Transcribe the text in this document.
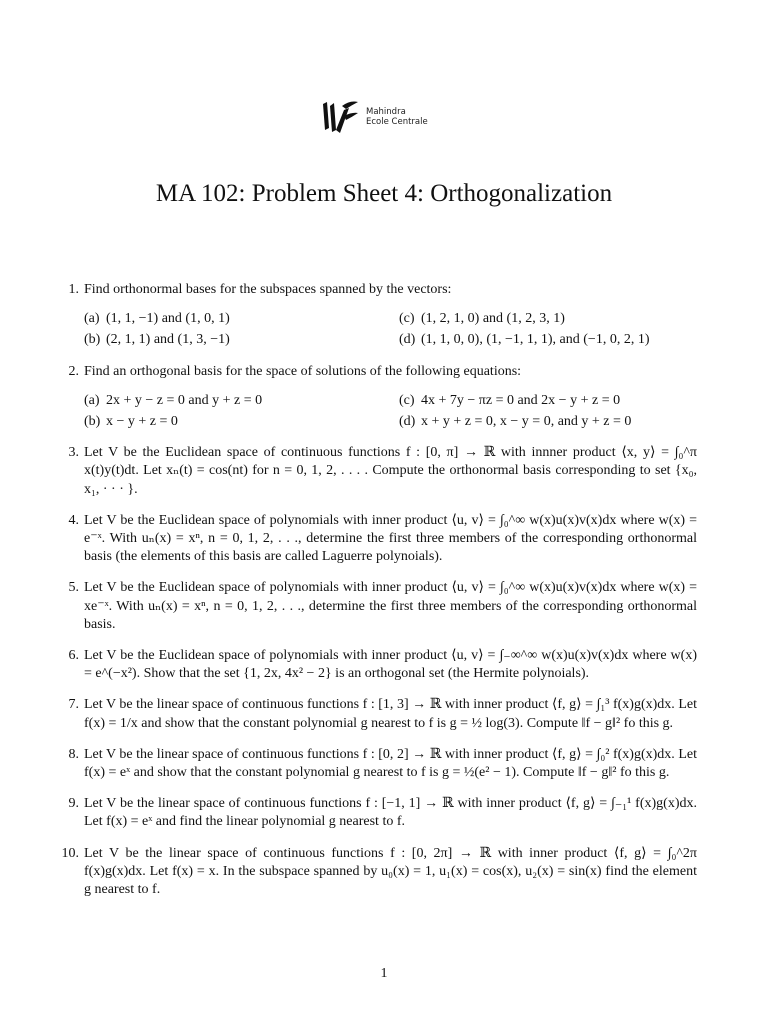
Mahindra
Ecole Centrale
MA 102: Problem Sheet 4: Orthogonalization
1. Find orthonormal bases for the subspaces spanned by the vectors:
(a) (1, 1, −1) and (1, 0, 1)	(c) (1, 2, 1, 0) and (1, 2, 3, 1)
(b) (2, 1, 1) and (1, 3, −1)	(d) (1, 1, 0, 0), (1, −1, 1, 1), and (−1, 0, 2, 1)
2. Find an orthogonal basis for the space of solutions of the following equations:
(a) 2x + y − z = 0 and y + z = 0	(c) 4x + 7y − πz = 0 and 2x − y + z = 0
(b) x − y + z = 0	(d) x + y + z = 0, x − y = 0, and y + z = 0
3. Let V be the Euclidean space of continuous functions f : [0, π] → ℝ with innner product ⟨x, y⟩ = ∫₀^π x(t)y(t)dt. Let xₙ(t) = cos(nt) for n = 0, 1, 2, . . . . Compute the orthonormal basis corresponding to set {x₀, x₁, · · · }.
4. Let V be the Euclidean space of polynomials with inner product ⟨u, v⟩ = ∫₀^∞ w(x)u(x)v(x)dx where w(x) = e⁻ˣ. With uₙ(x) = xⁿ, n = 0, 1, 2, . . ., determine the first three members of the corresponding orthonormal basis (the elements of this basis are called Laguerre polynoials).
5. Let V be the Euclidean space of polynomials with inner product ⟨u, v⟩ = ∫₀^∞ w(x)u(x)v(x)dx where w(x) = xe⁻ˣ. With uₙ(x) = xⁿ, n = 0, 1, 2, . . ., determine the first three members of the corresponding orthonormal basis.
6. Let V be the Euclidean space of polynomials with inner product ⟨u, v⟩ = ∫₋∞^∞ w(x)u(x)v(x)dx where w(x) = e^(−x²). Show that the set {1, 2x, 4x² − 2} is an orthogonal set (the Hermite polynoials).
7. Let V be the linear space of continuous functions f : [1, 3] → ℝ with inner product ⟨f, g⟩ = ∫₁³ f(x)g(x)dx. Let f(x) = 1/x and show that the constant polynomial g nearest to f is g = ½ log(3). Compute ‖f − g‖² fo this g.
8. Let V be the linear space of continuous functions f : [0, 2] → ℝ with inner product ⟨f, g⟩ = ∫₀² f(x)g(x)dx. Let f(x) = eˣ and show that the constant polynomial g nearest to f is g = ½(e² − 1). Compute ‖f − g‖² fo this g.
9. Let V be the linear space of continuous functions f : [−1, 1] → ℝ with inner product ⟨f, g⟩ = ∫₋₁¹ f(x)g(x)dx. Let f(x) = eˣ and find the linear polynomial g nearest to f.
10. Let V be the linear space of continuous functions f : [0, 2π] → ℝ with inner product ⟨f, g⟩ = ∫₀^2π f(x)g(x)dx. Let f(x) = x. In the subspace spanned by u₀(x) = 1, u₁(x) = cos(x), u₂(x) = sin(x) find the element g nearest to f.
1
